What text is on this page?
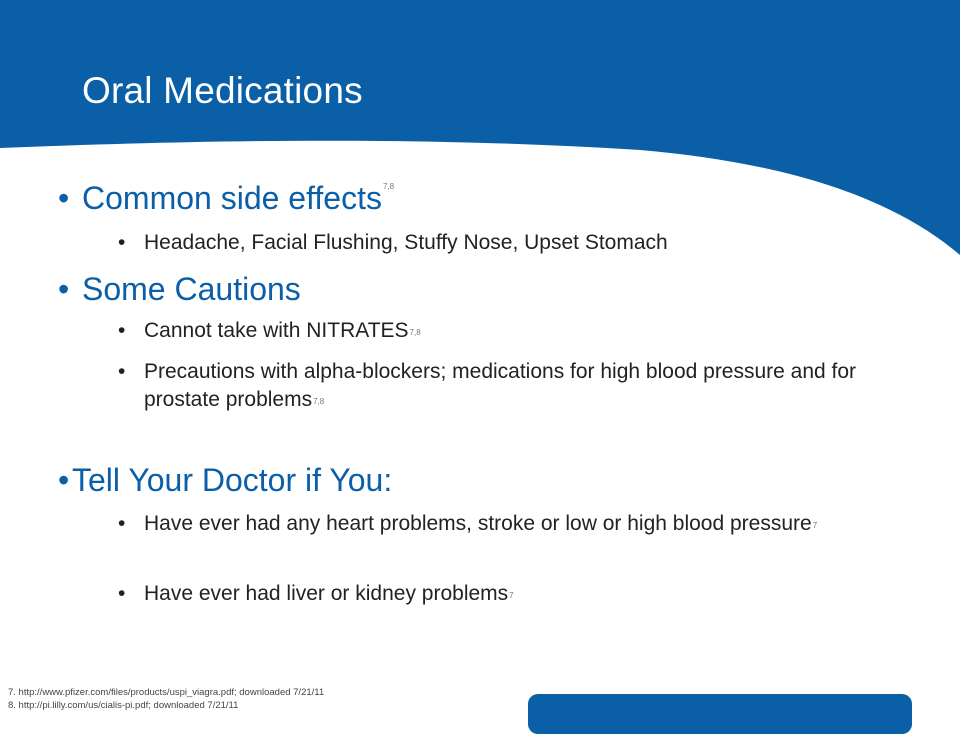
Oral Medications
• Common side effects$^{7,8}$
• Headache, Facial Flushing, Stuffy Nose, Upset Stomach
• Some Cautions
• Cannot take with NITRATES$^{7,8}$
• Precautions with alpha-blockers; medications for high blood pressure and for prostate problems$^{7,8}$
•Tell Your Doctor if You:
• Have ever had any heart problems, stroke or low or high blood pressure$^7$
• Have ever had liver or kidney problems$^7$
7. http://www.pfizer.com/files/products/uspi_viagra.pdf; downloaded 7/21/11
8. http://pi.lilly.com/us/cialis-pi.pdf; downloaded 7/21/11
